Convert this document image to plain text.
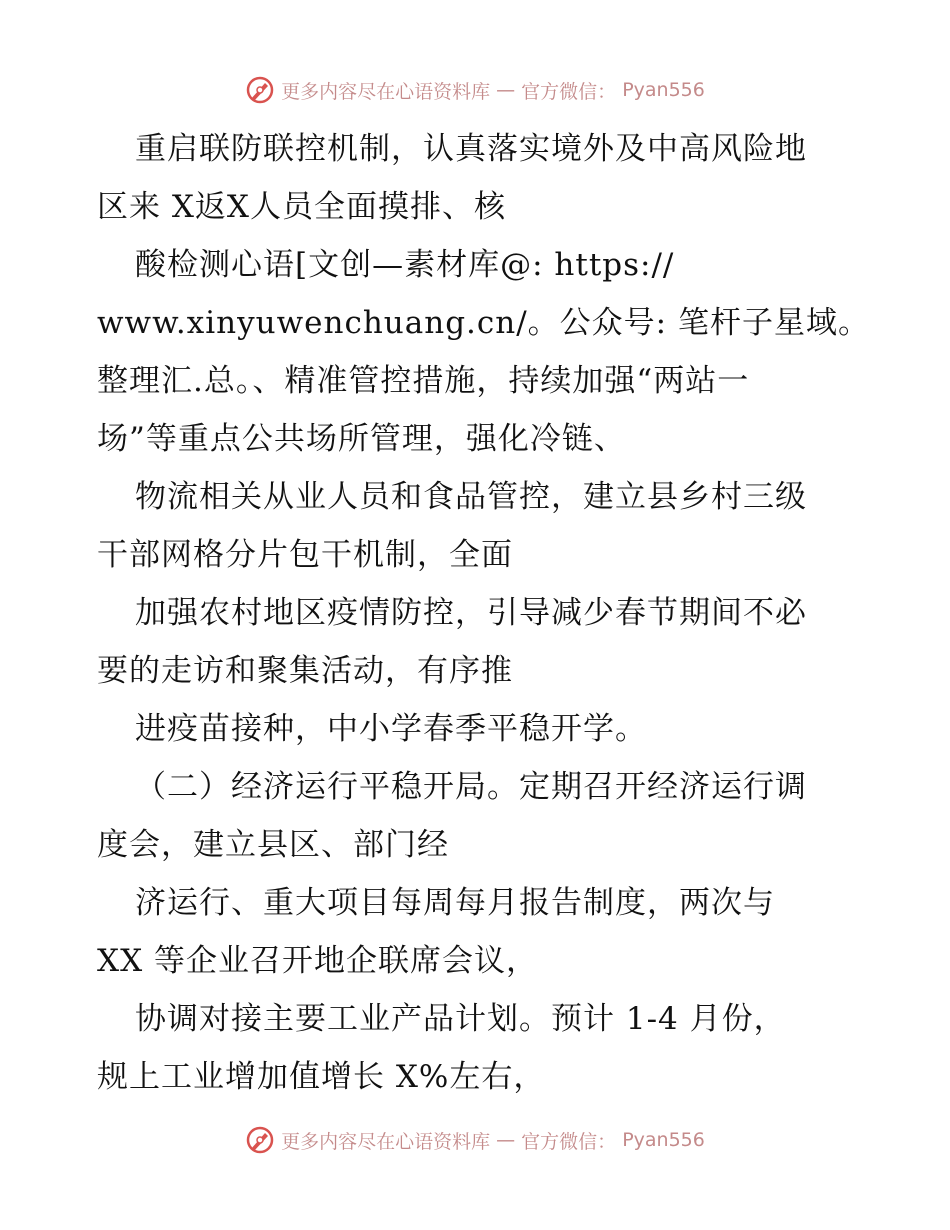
更多内容尽在心语资料库 — 官方微信： Pyan556
重启联防联控机制，认真落实境外及中高风险地
区来 X返X人员全面摸排、核
酸检测心语[文创—素材库@: https://
www.xinyuwenchuang.cn/。公众号: 笔杆子星域。
整理汇.总。、精准管控措施，持续加强“两站一
场”等重点公共场所管理，强化冷链、
物流相关从业人员和食品管控，建立县乡村三级
干部网格分片包干机制，全面
加强农村地区疫情防控，引导减少春节期间不必
要的走访和聚集活动，有序推
进疫苗接种，中小学春季平稳开学。
（二）经济运行平稳开局。定期召开经济运行调
度会，建立县区、部门经
济运行、重大项目每周每月报告制度，两次与
XX 等企业召开地企联席会议，
协调对接主要工业产品计划。预计 1-4 月份，
规上工业增加值增长 X%左右，
更多内容尽在心语资料库 — 官方微信： Pyan556
